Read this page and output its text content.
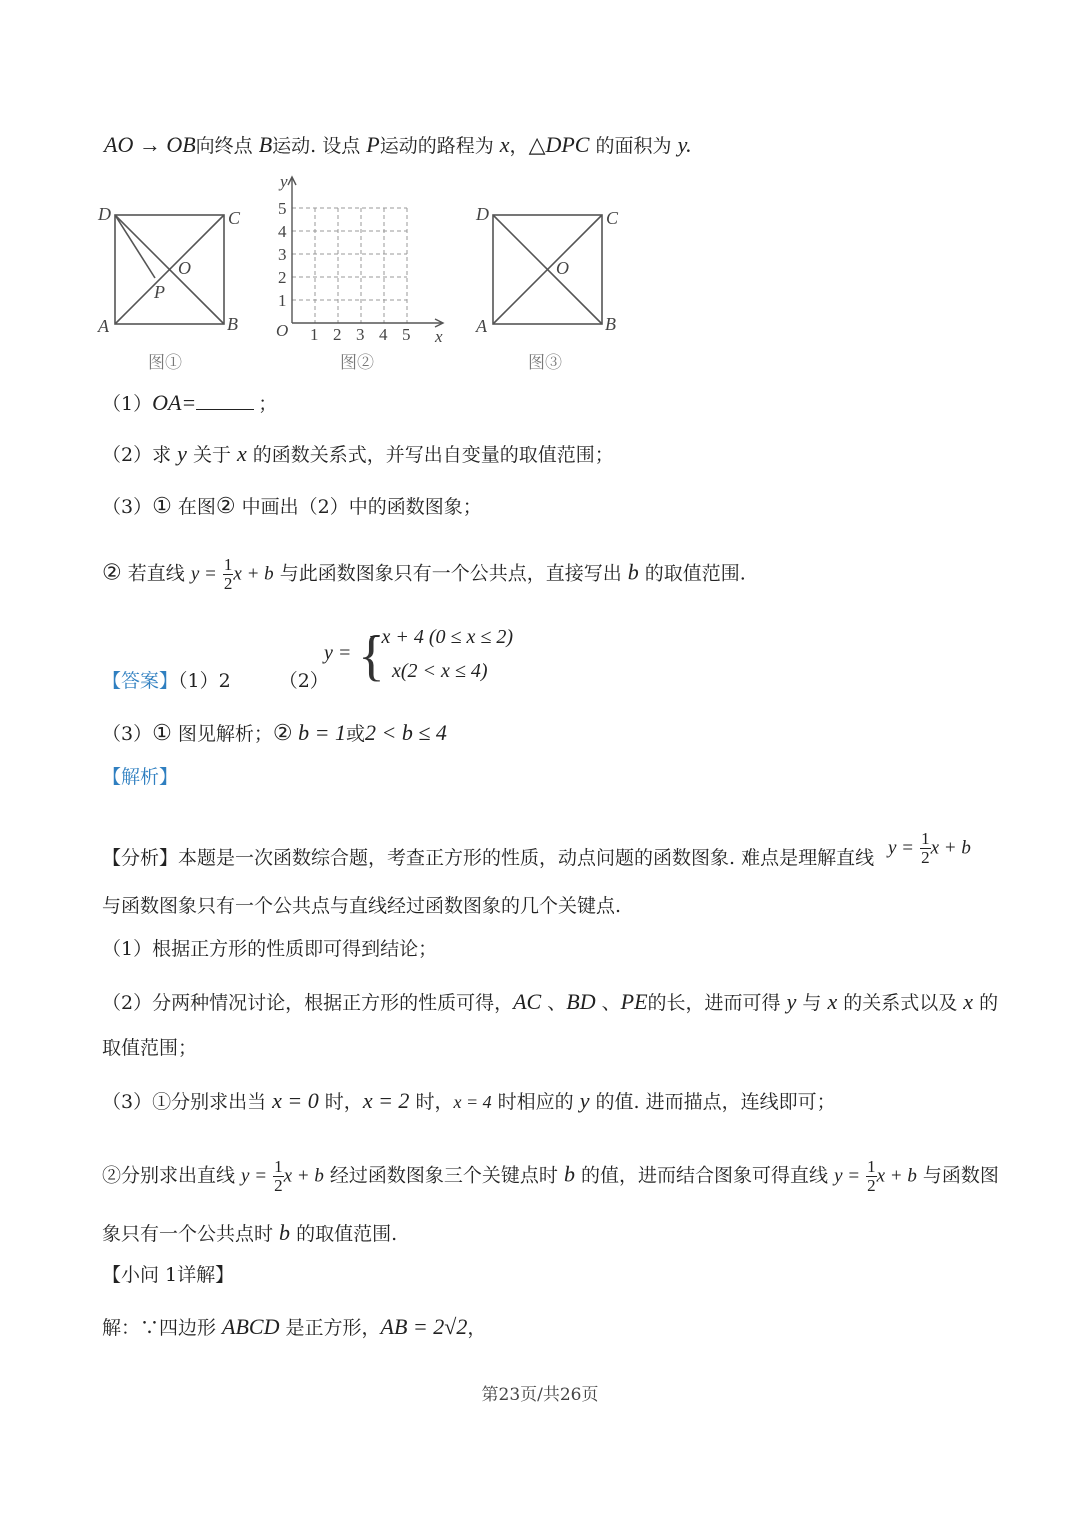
AO → OB向终点 B运动. 设点 P运动的路程为 x，△DPC 的面积为 y.
D	C
A	B
O
P
图①
y
x
O
5
4
3
2
1
1 2 3 4 5
图②
D	C
A	B
O
图③
（1）OA=	；
（2）求 y 关于 x 的函数关系式，并写出自变量的取值范围；
（3）① 在图② 中画出（2）中的函数图象；
② 若直线 $y = \frac{1}{2}$ x + b 与此函数图象只有一个公共点，直接写出 b 的取值范围.
【答案】（1）2	（2）
y = {
−x + 4 (0 ≤ x ≤ 2)
x(2 < x ≤ 4)
（3）① 图见解析；② b = 1或2 < b ≤ 4
【解析】
【分析】本题是一次函数综合题，考查正方形的性质，动点问题的函数图象. 难点是理解直线 $y = \frac{1}{2}$ x + b
与函数图象只有一个公共点与直线经过函数图象的几个关键点.
（1）根据正方形的性质即可得到结论；
（2）分两种情况讨论，根据正方形的性质可得，AC 、BD 、PE的长，进而可得 y 与 x 的关系式以及 x 的
取值范围；
（3）①分别求出当 x = 0 时，x = 2 时，x = 4 时相应的 y 的值. 进而描点，连线即可；
②分别求出直线 $y = \frac{1}{2}$ x + b 经过函数图象三个关键点时 b 的值，进而结合图象可得直线 $y = \frac{1}{2}$ x + b 与函数图
象只有一个公共点时 b 的取值范围.
【小问 1详解】
解：∵四边形 ABCD 是正方形，AB = 2√2，
第23页/共26页
